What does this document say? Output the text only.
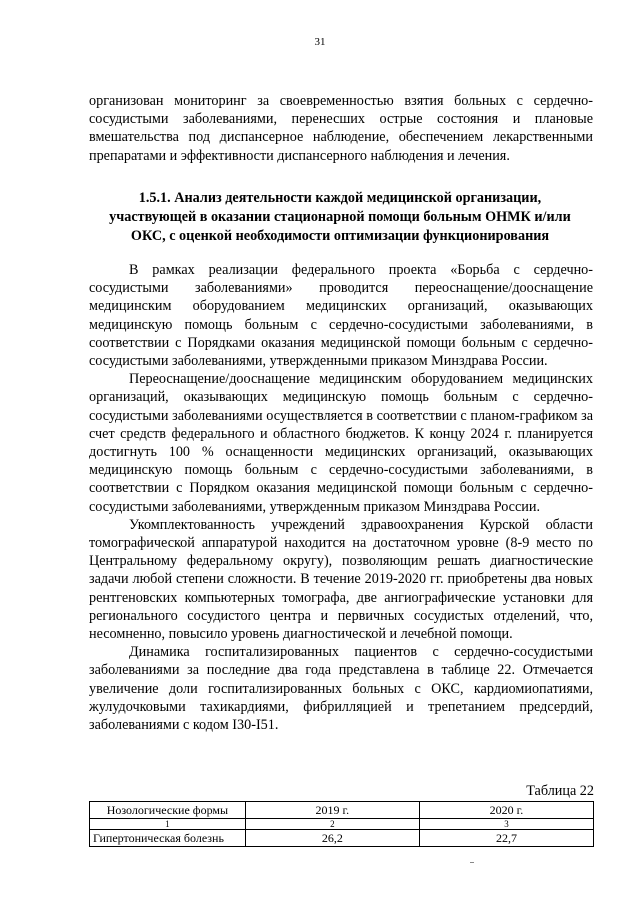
31

организован мониторинг за своевременностью взятия больных с сердечно-сосудистыми заболеваниями, перенесших острые состояния и плановые вмешательства под диспансерное наблюдение, обеспечением лекарственными препаратами и эффективности диспансерного наблюдения и лечения.

1.5.1. Анализ деятельности каждой медицинской организации, участвующей в оказании стационарной помощи больным ОНМК и/или ОКС, с оценкой необходимости оптимизации функционирования

В рамках реализации федерального проекта «Борьба с сердечно-сосудистыми заболеваниями» проводится переоснащение/дооснащение медицинским оборудованием медицинских организаций, оказывающих медицинскую помощь больным с сердечно-сосудистыми заболеваниями, в соответствии с Порядками оказания медицинской помощи больным с сердечно-сосудистыми заболеваниями, утвержденными приказом Минздрава России.

Переоснащение/дооснащение медицинским оборудованием медицинских организаций, оказывающих медицинскую помощь больным с сердечно-сосудистыми заболеваниями осуществляется в соответствии с планом-графиком за счет средств федерального и областного бюджетов. К концу 2024 г. планируется достигнуть 100 % оснащенности медицинских организаций, оказывающих медицинскую помощь больным с сердечно-сосудистыми заболеваниями, в соответствии с Порядком оказания медицинской помощи больным с сердечно-сосудистыми заболеваниями, утвержденным приказом Минздрава России.

Укомплектованность учреждений здравоохранения Курской области томографической аппаратурой находится на достаточном уровне (8-9 место по Центральному федеральному округу), позволяющим решать диагностические задачи любой степени сложности. В течение 2019-2020 гг. приобретены два новых рентгеновских компьютерных томографа, две ангиографические установки для регионального сосудистого центра и первичных сосудистых отделений, что, несомненно, повысило уровень диагностической и лечебной помощи.

Динамика госпитализированных пациентов с сердечно-сосудистыми заболеваниями за последние два года представлена в таблице 22. Отмечается увеличение доли госпитализированных больных с ОКС, кардиомиопатиями, жулудочковыми тахикардиями, фибрилляцией и трепетанием предсердий, заболеваниями с кодом I30-I51.

Таблица 22
Нозологические формы	2019 г.	2020 г.
1	2	3
Гипертоническая болезнь	26,2	22,7
